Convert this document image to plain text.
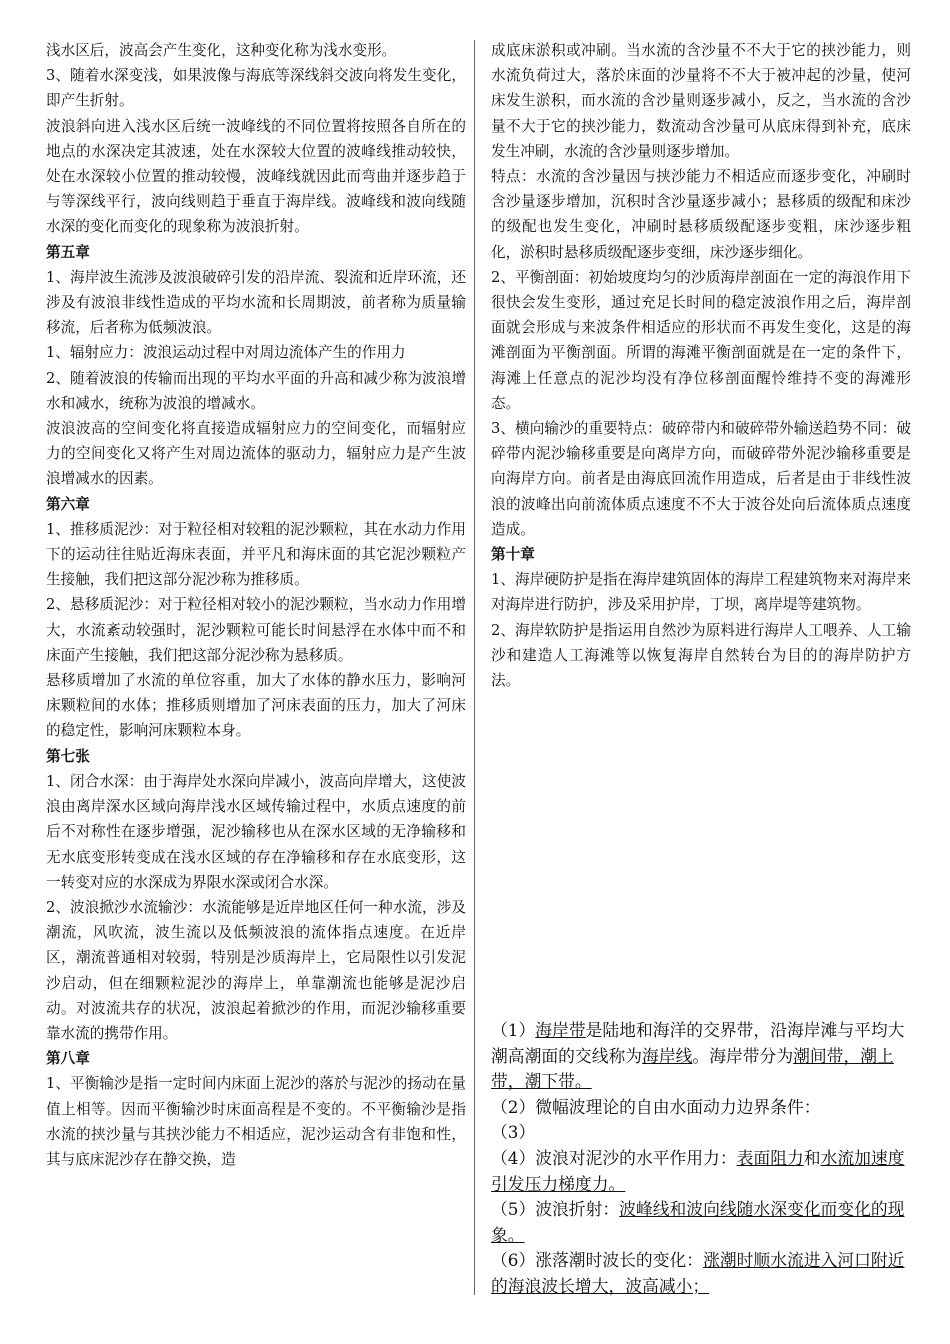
浅水区后，波高会产生变化，这种变化称为浅水变形。

3、随着水深变浅，如果波像与海底等深线斜交波向将发生变化，即产生折射。

波浪斜向进入浅水区后统一波峰线的不同位置将按照各自所在的地点的水深决定其波速，处在水深较大位置的波峰线推动较快，处在水深较小位置的推动较慢，波峰线就因此而弯曲并逐步趋于与等深线平行，波向线则趋于垂直于海岸线。波峰线和波向线随水深的变化而变化的现象称为波浪折射。

第五章

1、海岸波生流涉及波浪破碎引发的沿岸流、裂流和近岸环流，还涉及有波浪非线性造成的平均水流和长周期波，前者称为质量输移流，后者称为低频波浪。

1、辐射应力：波浪运动过程中对周边流体产生的作用力

2、随着波浪的传输而出现的平均水平面的升高和减少称为波浪增水和减水，统称为波浪的增减水。

波浪波高的空间变化将直接造成辐射应力的空间变化，而辐射应力的空间变化又将产生对周边流体的驱动力，辐射应力是产生波浪增减水的因素。

第六章

1、推移质泥沙：对于粒径相对较粗的泥沙颗粒，其在水动力作用下的运动往往贴近海床表面，并平凡和海床面的其它泥沙颗粒产生接触，我们把这部分泥沙称为推移质。

2、悬移质泥沙：对于粒径相对较小的泥沙颗粒，当水动力作用增大，水流紊动较强时，泥沙颗粒可能长时间悬浮在水体中而不和床面产生接触，我们把这部分泥沙称为悬移质。

悬移质增加了水流的单位容重，加大了水体的静水压力，影响河床颗粒间的水体；推移质则增加了河床表面的压力，加大了河床的稳定性，影响河床颗粒本身。

第七张

1、闭合水深：由于海岸处水深向岸减小，波高向岸增大，这使波浪由离岸深水区域向海岸浅水区域传输过程中，水质点速度的前后不对称性在逐步增强，泥沙输移也从在深水区域的无净输移和无水底变形转变成在浅水区域的存在净输移和存在水底变形，这一转变对应的水深成为界限水深或闭合水深。

2、波浪掀沙水流输沙：水流能够是近岸地区任何一种水流，涉及潮流，风吹流，波生流以及低频波浪的流体指点速度。在近岸区，潮流普通相对较弱，特别是沙质海岸上，它局限性以引发泥沙启动，但在细颗粒泥沙的海岸上，单靠潮流也能够是泥沙启动。对波流共存的状况，波浪起着掀沙的作用，而泥沙输移重要靠水流的携带作用。

第八章

1、平衡输沙是指一定时间内床面上泥沙的落於与泥沙的扬动在量值上相等。因而平衡输沙时床面高程是不变的。不平衡输沙是指水流的挟沙量与其挟沙能力不相适应，泥沙运动含有非饱和性，其与底床泥沙存在静交换，造

成底床淤积或冲刷。当水流的含沙量不不大于它的挟沙能力，则水流负荷过大，落於床面的沙量将不不大于被冲起的沙量，使河床发生淤积，而水流的含沙量则逐步减小，反之，当水流的含沙量不大于它的挟沙能力，数流动含沙量可从底床得到补充，底床发生冲刷，水流的含沙量则逐步增加。

特点：水流的含沙量因与挟沙能力不相适应而逐步变化，冲刷时含沙量逐步增加，沉积时含沙量逐步减小；悬移质的级配和床沙的级配也发生变化，冲刷时悬移质级配逐步变粗，床沙逐步粗化，淤积时悬移质级配逐步变细，床沙逐步细化。

2、平衡剖面：初始坡度均匀的沙质海岸剖面在一定的海浪作用下很快会发生变形，通过充足长时间的稳定波浪作用之后，海岸剖面就会形成与来波条件相适应的形状而不再发生变化，这是的海滩剖面为平衡剖面。所谓的海滩平衡剖面就是在一定的条件下，海滩上任意点的泥沙均没有净位移剖面醒怜维持不变的海滩形态。

3、横向输沙的重要特点：破碎带内和破碎带外输送趋势不同：破碎带内泥沙输移重要是向离岸方向，而破碎带外泥沙输移重要是向海岸方向。前者是由海底回流作用造成，后者是由于非线性波浪的波峰出向前流体质点速度不不大于波谷处向后流体质点速度造成。

第十章

1、海岸硬防护是指在海岸建筑固体的海岸工程建筑物来对海岸来对海岸进行防护，涉及采用护岸，丁坝，离岸堤等建筑物。

2、海岸软防护是指运用自然沙为原料进行海岸人工喂养、人工输沙和建造人工海滩等以恢复海岸自然转台为目的的海岸防护方法。

（1）海岸带是陆地和海洋的交界带，沿海岸滩与平均大潮高潮面的交线称为海岸线。海岸带分为潮间带，潮上带，潮下带。

（2）微幅波理论的自由水面动力边界条件：

（3）

（4）波浪对泥沙的水平作用力：表面阻力和水流加速度引发压力梯度力。

（5）波浪折射：波峰线和波向线随水深变化而变化的现象。

（6）涨落潮时波长的变化：涨潮时顺水流进入河口附近的海浪波长增大，波高减小；
